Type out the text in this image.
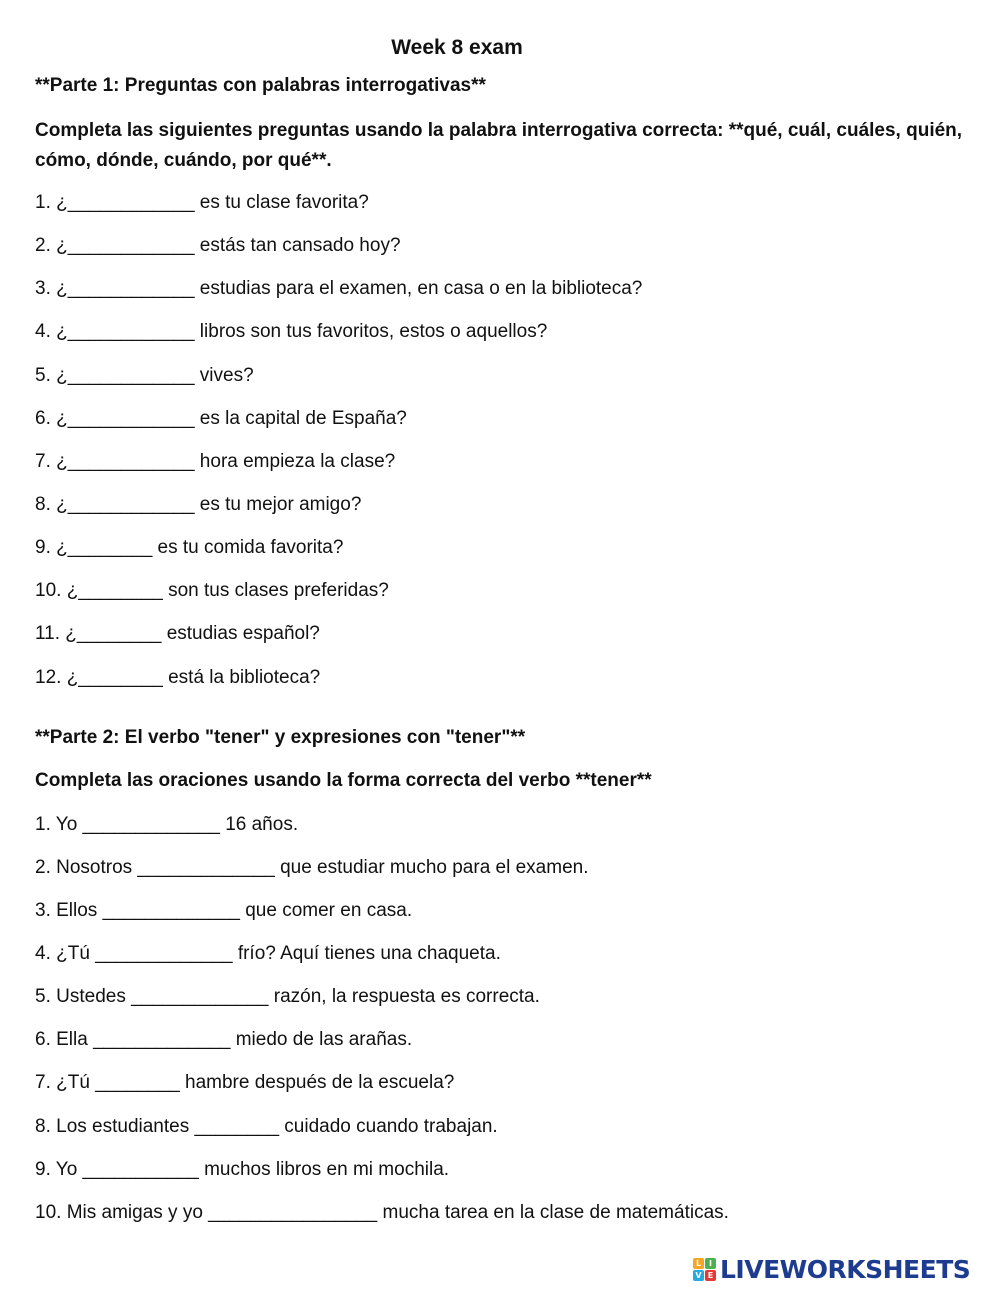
Week 8 exam
**Parte 1: Preguntas con palabras interrogativas**
Completa las siguientes preguntas usando la palabra interrogativa correcta: **qué, cuál, cuáles, quién, cómo, dónde, cuándo, por qué**.
1. ¿____________ es tu clase favorita?
2. ¿____________ estás tan cansado hoy?
3. ¿____________ estudias para el examen, en casa o en la biblioteca?
4. ¿____________ libros son tus favoritos, estos o aquellos?
5. ¿____________ vives?
6. ¿____________ es la capital de España?
7. ¿____________ hora empieza la clase?
8. ¿____________ es tu mejor amigo?
9. ¿________ es tu comida favorita?
10. ¿________ son tus clases preferidas?
11. ¿________ estudias español?
12. ¿________ está la biblioteca?
**Parte 2: El verbo "tener" y expresiones con "tener"**
Completa las oraciones usando la forma correcta del verbo **tener**
1. Yo _____________ 16 años.
2. Nosotros _____________ que estudiar mucho para el examen.
3. Ellos _____________ que comer en casa.
4. ¿Tú _____________ frío? Aquí tienes una chaqueta.
5. Ustedes _____________ razón, la respuesta es correcta.
6. Ella _____________ miedo de las arañas.
7. ¿Tú ________ hambre después de la escuela?
8. Los estudiantes ________ cuidado cuando trabajan.
9. Yo ___________ muchos libros en mi mochila.
10. Mis amigas y yo ________________ mucha tarea en la clase de matemáticas.
L I
V E LIVEWORKSHEETS
